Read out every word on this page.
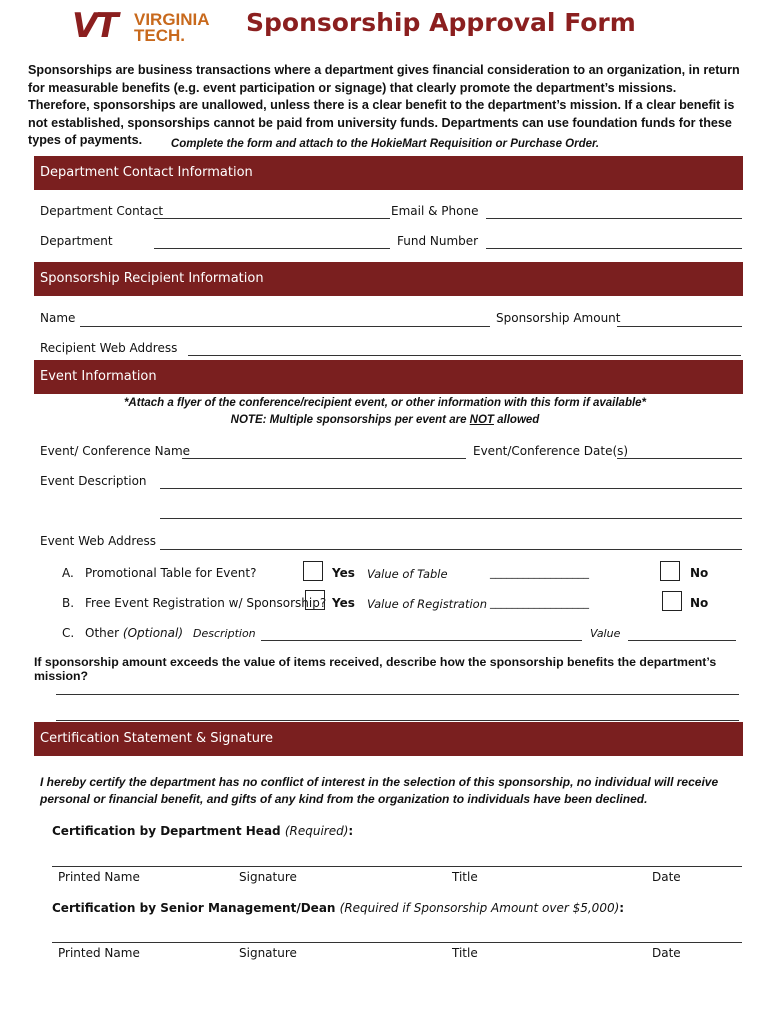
VT VIRGINIA
TECH.	Sponsorship Approval Form
Sponsorships are business transactions where a department gives financial consideration to an organization, in return for measurable benefits (e.g. event participation or signage) that clearly promote the department’s missions. Therefore, sponsorships are unallowed, unless there is a clear benefit to the department’s mission. If a clear benefit is not established, sponsorships cannot be paid from university funds. Departments can use foundation funds for these types of payments.	Complete the form and attach to the HokieMart Requisition or Purchase Order.
Department Contact Information
Department Contact	Email & Phone
Department	Fund Number
Sponsorship Recipient Information
Name	Sponsorship Amount
Recipient Web Address
Event Information
*Attach a flyer of the conference/recipient event, or other information with this form if available*
NOTE: Multiple sponsorships per event are NOT allowed
Event/ Conference Name	Event/Conference Date(s)
Event Description
Event Web Address
A. Promotional Table for Event?	Yes Value of Table	__________________	No
B. Free Event Registration w/ Sponsorship? Yes Value of Registration __________________	No
C. Other (Optional) Description	Value
If sponsorship amount exceeds the value of items received, describe how the sponsorship benefits the department’s mission?
Certification Statement & Signature
I hereby certify the department has no conflict of interest in the selection of this sponsorship, no individual will receive personal or financial benefit, and gifts of any kind from the organization to individuals have been declined.
Certification by Department Head (Required):
Printed Name	Signature	Title	Date
Certification by Senior Management/Dean (Required if Sponsorship Amount over $5,000):
Printed Name	Signature	Title	Date
